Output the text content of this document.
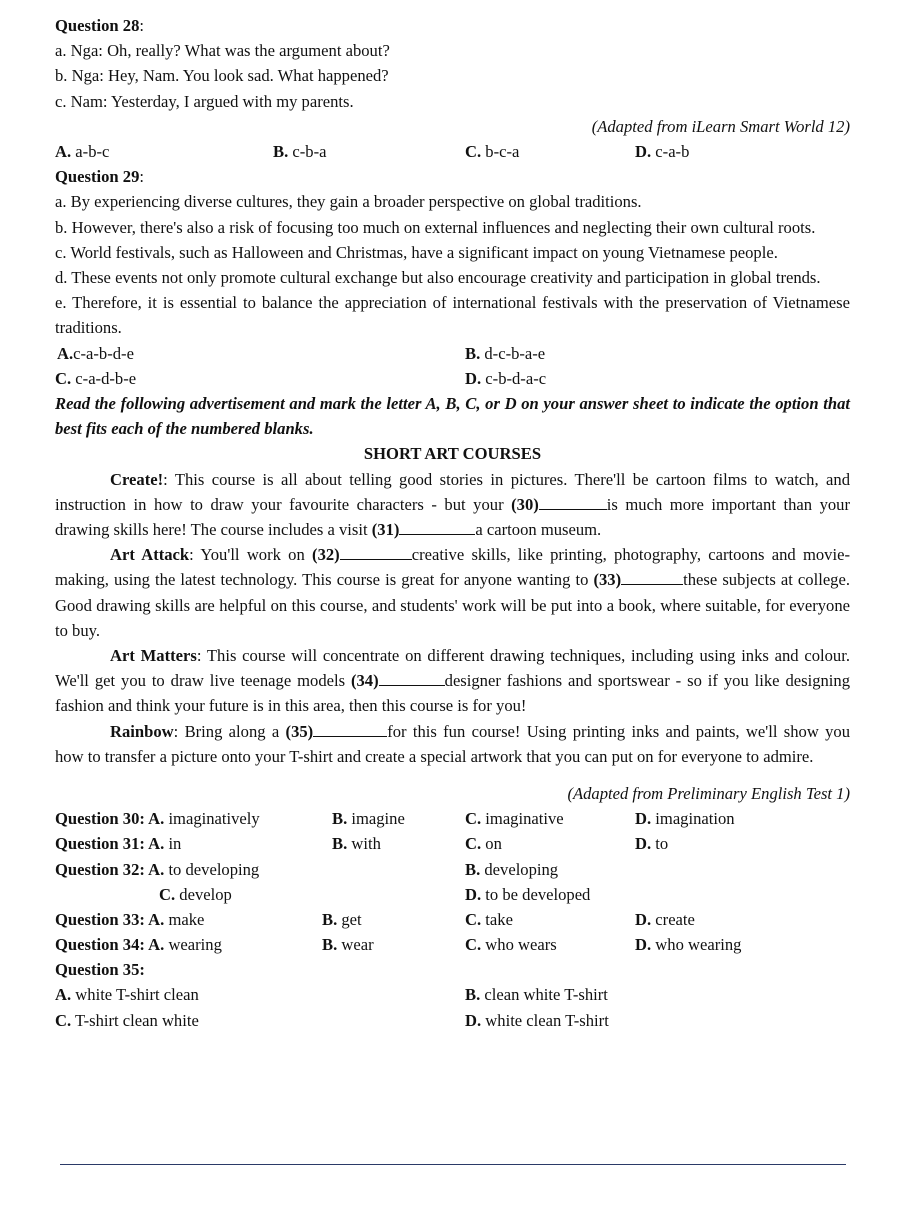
Question 28:
a. Nga: Oh, really? What was the argument about?
b. Nga: Hey, Nam. You look sad. What happened?
c. Nam: Yesterday, I argued with my parents.
(Adapted from iLearn Smart World 12)
A. a-b-c	B. c-b-a	C. b-c-a	D. c-a-b
Question 29:
a. By experiencing diverse cultures, they gain a broader perspective on global traditions.
b. However, there's also a risk of focusing too much on external influences and neglecting their own cultural roots.
c. World festivals, such as Halloween and Christmas, have a significant impact on young Vietnamese people.
d. These events not only promote cultural exchange but also encourage creativity and participation in global trends.
e. Therefore, it is essential to balance the appreciation of international festivals with the preservation of Vietnamese traditions.
A.c-a-b-d-e	B. d-c-b-a-e
C. c-a-d-b-e	D. c-b-d-a-c
Read the following advertisement and mark the letter A, B, C, or D on your answer sheet to indicate the option that best fits each of the numbered blanks.
SHORT ART COURSES
Create!: This course is all about telling good stories in pictures. There'll be cartoon films to watch, and instruction in how to draw your favourite characters - but your (30)	is much more important than your drawing skills here! The course includes a visit (31)	a cartoon museum.
Art Attack: You'll work on (32)	creative skills, like printing, photography, cartoons and movie- making, using the latest technology. This course is great for anyone wanting to (33)	these subjects at college. Good drawing skills are helpful on this course, and students' work will be put into a book, where suitable, for everyone to buy.
Art Matters: This course will concentrate on different drawing techniques, including using inks and colour. We'll get you to draw live teenage models (34)	designer fashions and sportswear - so if you like designing fashion and think your future is in this area, then this course is for you!
Rainbow: Bring along a (35)	for this fun course! Using printing inks and paints, we'll show you how to transfer a picture onto your T-shirt and create a special artwork that you can put on for everyone to admire.
(Adapted from Preliminary English Test 1)
Question 30: A. imaginatively	B. imagine	C. imaginative	D. imagination
Question 31: A. in	B. with	C. on	D. to
Question 32: A. to developing	B. developing
C. develop	D. to be developed
Question 33: A. make	B. get	C. take	D. create
Question 34: A. wearing	B. wear	C. who wears	D. who wearing
Question 35:
A. white T-shirt clean	B. clean white T-shirt
C. T-shirt clean white	D. white clean T-shirt
